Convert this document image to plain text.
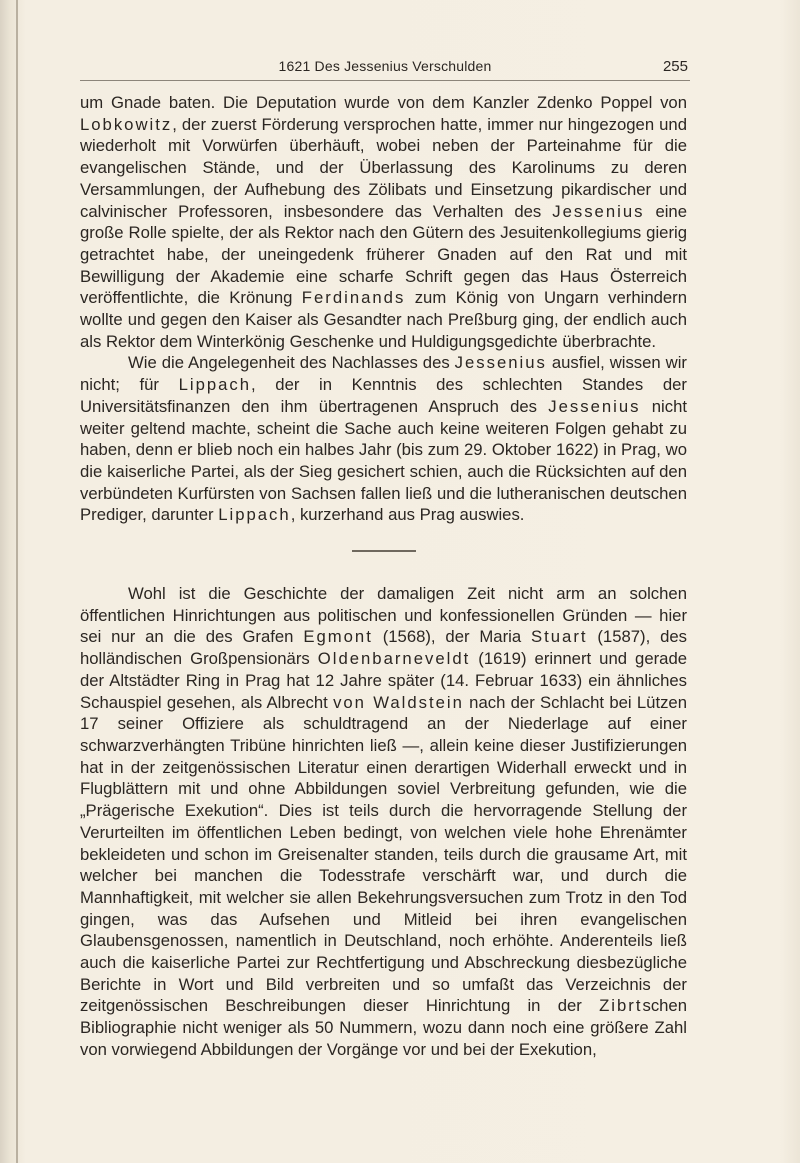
1621 Des Jessenius Verschulden	255

um Gnade baten. Die Deputation wurde von dem Kanzler Zdenko Poppel von Lobkowitz, der zuerst Förderung versprochen hatte, immer nur hingezogen und wiederholt mit Vorwürfen überhäuft, wobei neben der Parteinahme für die evangelischen Stände, und der Überlassung des Karolinums zu deren Versammlungen, der Aufhebung des Zölibats und Einsetzung pikardischer und calvinischer Professoren, insbesondere das Verhalten des Jessenius eine große Rolle spielte, der als Rektor nach den Gütern des Jesuitenkollegiums gierig getrachtet habe, der uneingedenk früherer Gnaden auf den Rat und mit Bewilligung der Akademie eine scharfe Schrift gegen das Haus Österreich veröffentlichte, die Krönung Ferdinands zum König von Ungarn verhindern wollte und gegen den Kaiser als Gesandter nach Preßburg ging, der endlich auch als Rektor dem Winterkönig Geschenke und Huldigungsgedichte überbrachte.

Wie die Angelegenheit des Nachlasses des Jessenius ausfiel, wissen wir nicht; für Lippach, der in Kenntnis des schlechten Standes der Universitätsfinanzen den ihm übertragenen Anspruch des Jessenius nicht weiter geltend machte, scheint die Sache auch keine weiteren Folgen gehabt zu haben, denn er blieb noch ein halbes Jahr (bis zum 29. Oktober 1622) in Prag, wo die kaiserliche Partei, als der Sieg gesichert schien, auch die Rücksichten auf den verbündeten Kurfürsten von Sachsen fallen ließ und die lutheranischen deutschen Prediger, darunter Lippach, kurzerhand aus Prag auswies.

Wohl ist die Geschichte der damaligen Zeit nicht arm an solchen öffentlichen Hinrichtungen aus politischen und konfessionellen Gründen — hier sei nur an die des Grafen Egmont (1568), der Maria Stuart (1587), des holländischen Großpensionärs Oldenbarneveldt (1619) erinnert und gerade der Altstädter Ring in Prag hat 12 Jahre später (14. Februar 1633) ein ähnliches Schauspiel gesehen, als Albrecht von Waldstein nach der Schlacht bei Lützen 17 seiner Offiziere als schuldtragend an der Niederlage auf einer schwarzverhängten Tribüne hinrichten ließ —, allein keine dieser Justifizierungen hat in der zeitgenössischen Literatur einen derartigen Widerhall erweckt und in Flugblättern mit und ohne Abbildungen soviel Verbreitung gefunden, wie die „Prägerische Exekution“. Dies ist teils durch die hervorragende Stellung der Verurteilten im öffentlichen Leben bedingt, von welchen viele hohe Ehrenämter bekleideten und schon im Greisenalter standen, teils durch die grausame Art, mit welcher bei manchen die Todesstrafe verschärft war, und durch die Mannhaftigkeit, mit welcher sie allen Bekehrungsversuchen zum Trotz in den Tod gingen, was das Aufsehen und Mitleid bei ihren evangelischen Glaubensgenossen, namentlich in Deutschland, noch erhöhte. Anderenteils ließ auch die kaiserliche Partei zur Rechtfertigung und Abschreckung diesbezügliche Berichte in Wort und Bild verbreiten und so umfaßt das Verzeichnis der zeitgenössischen Beschreibungen dieser Hinrichtung in der Zibrtschen Bibliographie nicht weniger als 50 Nummern, wozu dann noch eine größere Zahl von vorwiegend Abbildungen der Vorgänge vor und bei der Exekution,
